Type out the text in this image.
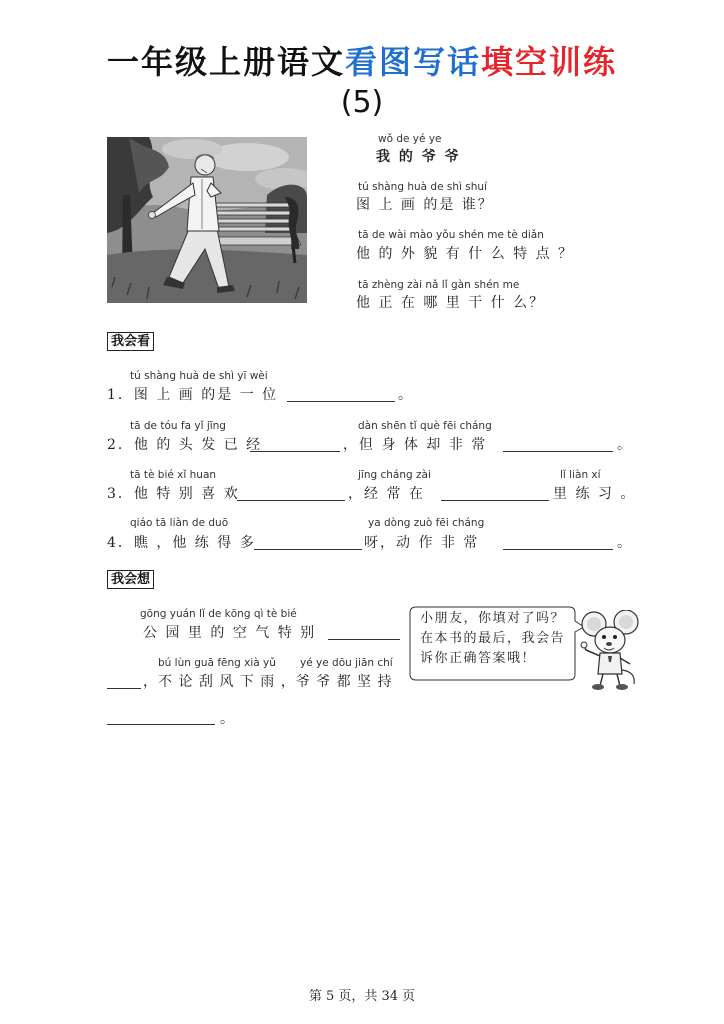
一年级上册语文看图写话填空训练
(5)
wǒ de yé ye
我 的 爷 爷
tú shàng huà de shì shuí
图 上 画 的是 谁？
tā de wài mào yǒu shén me tè diǎn
他 的 外 貌 有 什 么 特 点 ？
tā zhèng zài nǎ lǐ gàn shén me
他 正 在 哪 里 干 什 么？
我会看
tú shàng huà de shì yī wèi
1．图 上 画 的是 一 位	。
tā de tóu fa yǐ jīng	dàn shēn tǐ què fēi cháng
2．他 的 头 发 已 经	，但 身 体 却 非 常	。
tā tè bié xǐ huan	jīng cháng zài	lǐ liàn xí
3．他 特 别 喜 欢	，经 常 在	里 练 习 。
qiáo tā liàn de duō	ya dòng zuò fēi cháng
4．瞧 ，他 练 得 多	呀，动 作 非 常	。
我会想
gōng yuán lǐ de kōng qì tè bié
公 园 里 的 空 气 特 别
bú lùn guā fēng xià yǔ yé ye dōu jiān chí
，不 论 刮 风 下 雨 ，爷 爷 都 坚 持
。
小朋友，你填对了吗？
在本书的最后，我会告
诉你正确答案哦！
第 5 页，共 34 页
